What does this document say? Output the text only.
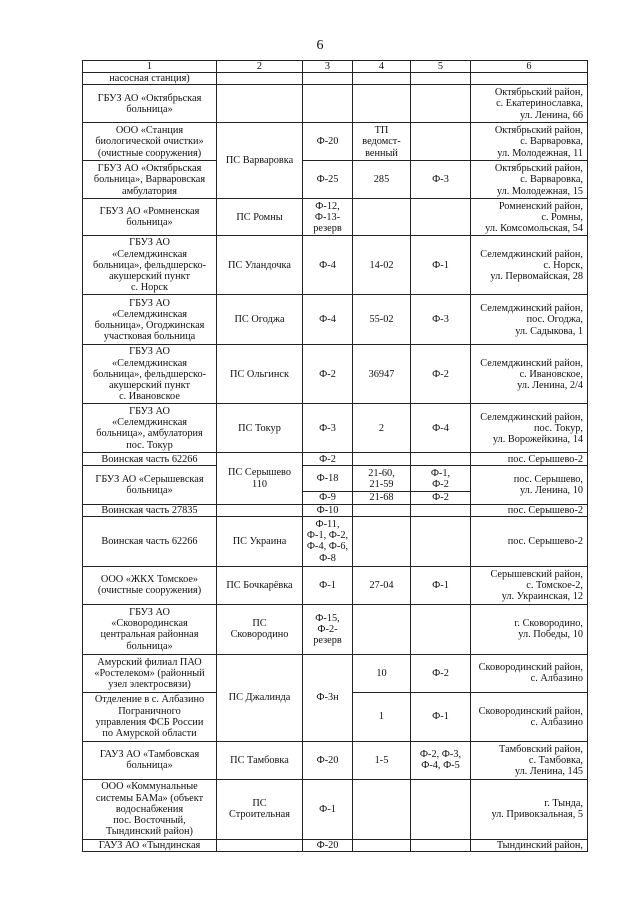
6
1	2	3	4	5	6
насосная станция)					
ГБУЗ АО «Октябрьская
больница»					Октябрьский район,
с. Екатеринославка,
ул. Ленина, 66
ООО «Станция
биологической очистки»
(очистные сооружения)	ПС Варваровка	Ф-20	ТП
ведомст-
венный		Октябрьский район,
с. Варваровка,
ул. Молодежная, 11
ГБУЗ АО «Октябрьская
больница», Варваровская
амбулатория		Ф-25	285	Ф-3	Октябрьский район,
с. Варваровка,
ул. Молодежная, 15
ГБУЗ АО «Ромненская
больница»	ПС Ромны	Ф-12,
Ф-13-
резерв			Ромненский район,
с. Ромны,
ул. Комсомольская, 54
ГБУЗ АО
«Селемджинская
больница», фельдшерско-
акушерский пункт
с. Норск	ПС Уландочка	Ф-4	14-02	Ф-1	Селемджинский район,
с. Норск,
ул. Первомайская, 28
ГБУЗ АО
«Селемджинская
больница», Огоджинская
участковая больница	ПС Огоджа	Ф-4	55-02	Ф-3	Селемджинский район,
пос. Огоджа,
ул. Садыкова, 1
ГБУЗ АО
«Селемджинская
больница», фельдшерско-
акушерский пункт
с. Ивановское	ПС Ольгинск	Ф-2	36947	Ф-2	Селемджинский район,
с. Ивановское,
ул. Ленина, 2/4
ГБУЗ АО
«Селемджинская
больница», амбулатория
пос. Токур	ПС Токур	Ф-3	2	Ф-4	Селемджинский район,
пос. Токур,
ул. Ворожейкина, 14
Воинская часть 62266	ПС Серышево
110	Ф-2			пос. Серышево-2
ГБУЗ АО «Серышевская
больница»		Ф-18	21-60,
21-59	Ф-1,
Ф-2	пос. Серышево,
ул. Ленина, 10
		Ф-9	21-68	Ф-2	
Воинская часть 27835		Ф-10			пос. Серышево-2
Воинская часть 62266	ПС Украина	Ф-11,
Ф-1, Ф-2,
Ф-4, Ф-6,
Ф-8			пос. Серышево-2
ООО «ЖКХ Томское»
(очистные сооружения)	ПС Бочкарёвка	Ф-1	27-04	Ф-1	Серышевский район,
с. Томское-2,
ул. Украинская, 12
ГБУЗ АО
«Сковородинская
центральная районная
больница»	ПС
Сковородино	Ф-15,
Ф-2-
резерв			г. Сковородино,
ул. Победы, 10
Амурский филиал ПАО
«Ростелеком» (районный
узел электросвязи)	ПС Джалинда	Ф-3н	10	Ф-2	Сковородинский район,
с. Албазино
Отделение в с. Албазино
Пограничного
управления ФСБ России
по Амурской области			1	Ф-1	Сковородинский район,
с. Албазино
ГАУЗ АО «Тамбовская
больница»	ПС Тамбовка	Ф-20	1-5	Ф-2, Ф-3,
Ф-4, Ф-5	Тамбовский район,
с. Тамбовка,
ул. Ленина, 145
ООО «Коммунальные
системы БАМа» (объект
водоснабжения
пос. Восточный,
Тындинский район)	ПС
Строительная	Ф-1			г. Тында,
ул. Привокзальная, 5
ГАУЗ АО «Тындинская		Ф-20			Тындинский район,
